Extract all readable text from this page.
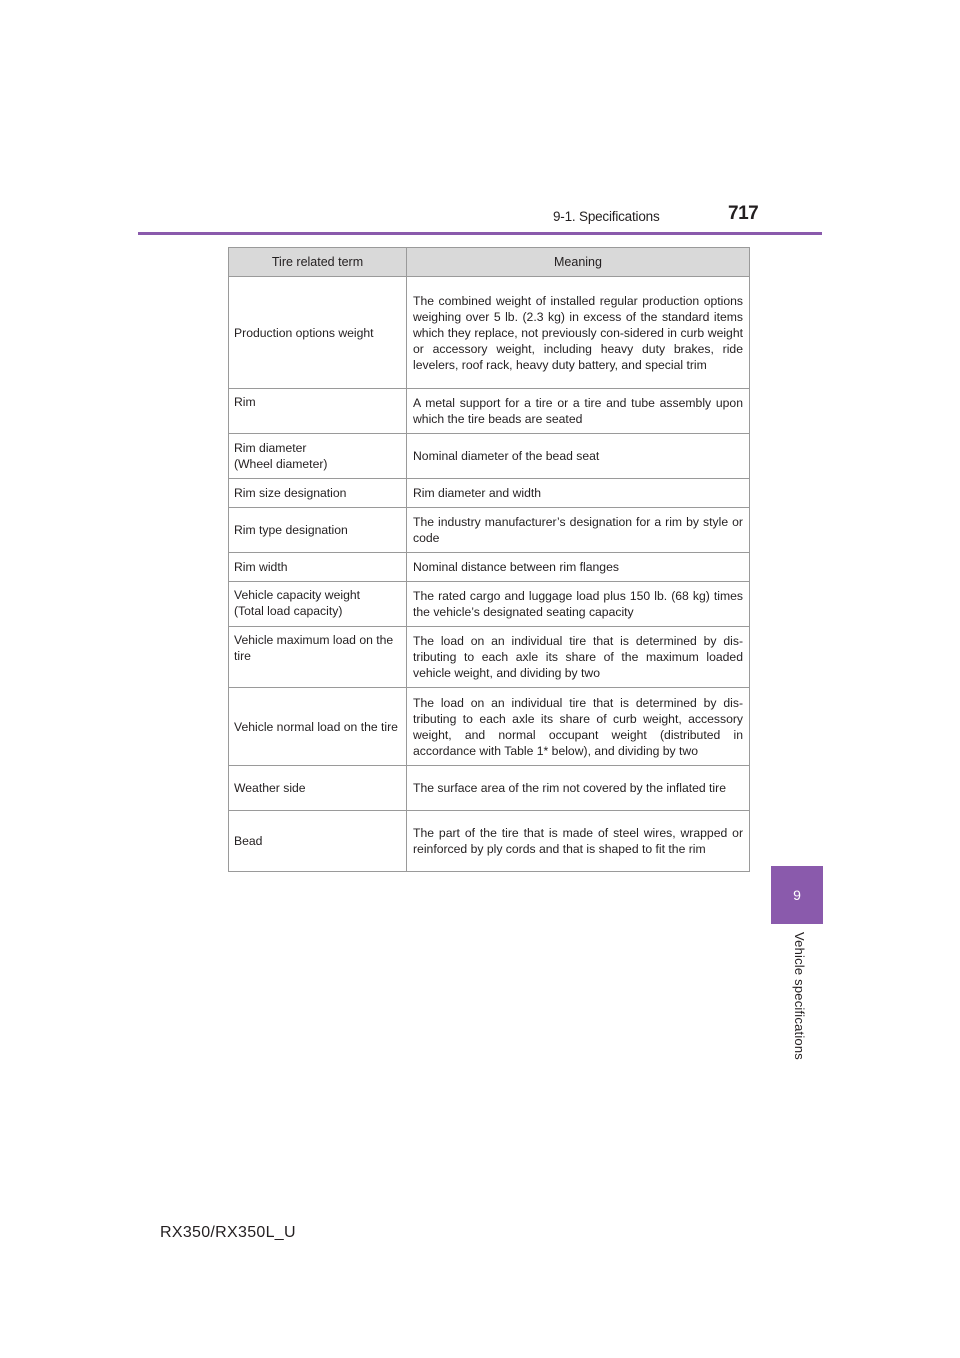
9-1. Specifications	717
9
Vehicle specifications
Tire related term	Meaning
Production options weight	The combined weight of installed regular production options weighing over 5 lb. (2.3 kg) in excess of the standard items which they replace, not previously con-sidered in curb weight or accessory weight, including heavy duty brakes, ride levelers, roof rack, heavy duty battery, and special trim
Rim	A metal support for a tire or a tire and tube assembly upon which the tire beads are seated
Rim diameter
(Wheel diameter)	Nominal diameter of the bead seat
Rim size designation	Rim diameter and width
Rim type designation	The industry manufacturer’s designation for a rim by style or code
Rim width	Nominal distance between rim flanges
Vehicle capacity weight
(Total load capacity)	The rated cargo and luggage load plus 150 lb. (68 kg) times the vehicle’s designated seating capacity
Vehicle maximum load on the tire	The load on an individual tire that is determined by dis-tributing to each axle its share of the maximum loaded vehicle weight, and dividing by two
Vehicle normal load on the tire	The load on an individual tire that is determined by dis-tributing to each axle its share of curb weight, accessory weight, and normal occupant weight (distributed in accordance with Table 1* below), and dividing by two
Weather side	The surface area of the rim not covered by the inflated tire
Bead	The part of the tire that is made of steel wires, wrapped or reinforced by ply cords and that is shaped to fit the rim
RX350/RX350L_U
